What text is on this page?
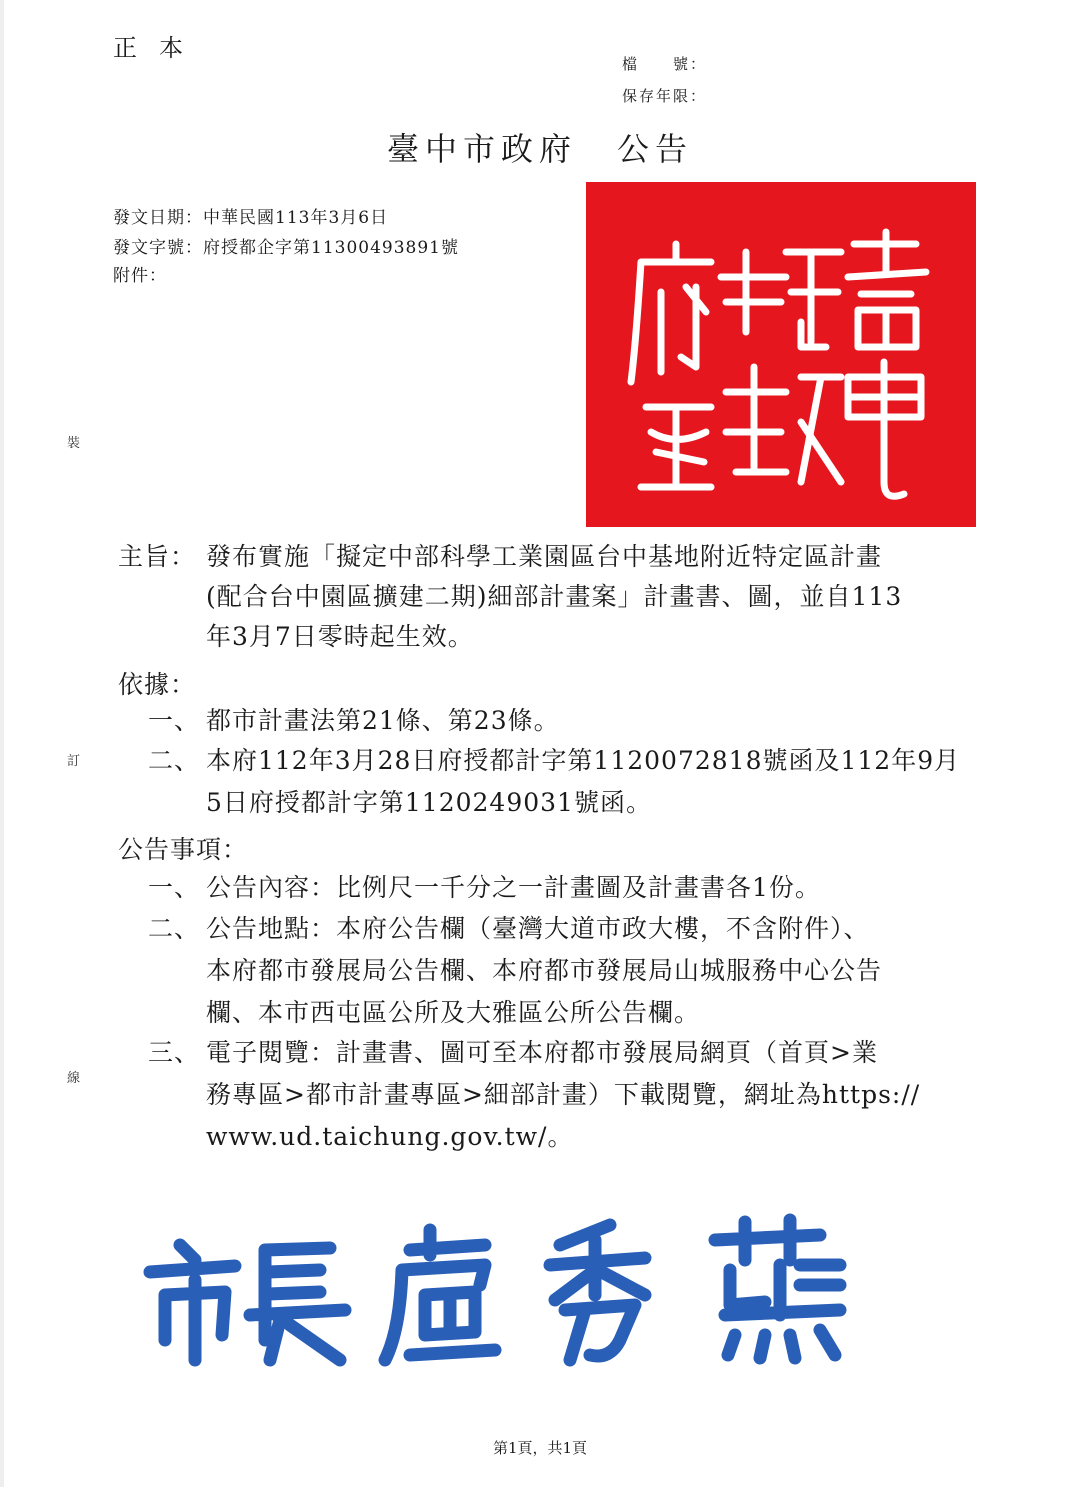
正本
檔　　號：
保存年限：
臺中市政府 公告
發文日期：中華民國113年3月6日
發文字號：府授都企字第11300493891號
附件：
主旨： 發布實施「擬定中部科學工業園區台中基地附近特定區計畫
(配合台中園區擴建二期)細部計畫案」計畫書、圖，並自113
年3月7日零時起生效。
依據：
一、 都市計畫法第21條、第23條。
二、 本府112年3月28日府授都計字第1120072818號函及112年9月
5日府授都計字第1120249031號函。
公告事項：
一、 公告內容：比例尺一千分之一計畫圖及計畫書各1份。
二、 公告地點：本府公告欄（臺灣大道市政大樓，不含附件）、
本府都市發展局公告欄、本府都市發展局山城服務中心公告
欄、本市西屯區公所及大雅區公所公告欄。
三、 電子閱覽：計畫書、圖可至本府都市發展局網頁（首頁>業
務專區>都市計畫專區>細部計畫）下載閱覽，網址為https://
www.ud.taichung.gov.tw/。
裝
訂
線
第1頁，共1頁
